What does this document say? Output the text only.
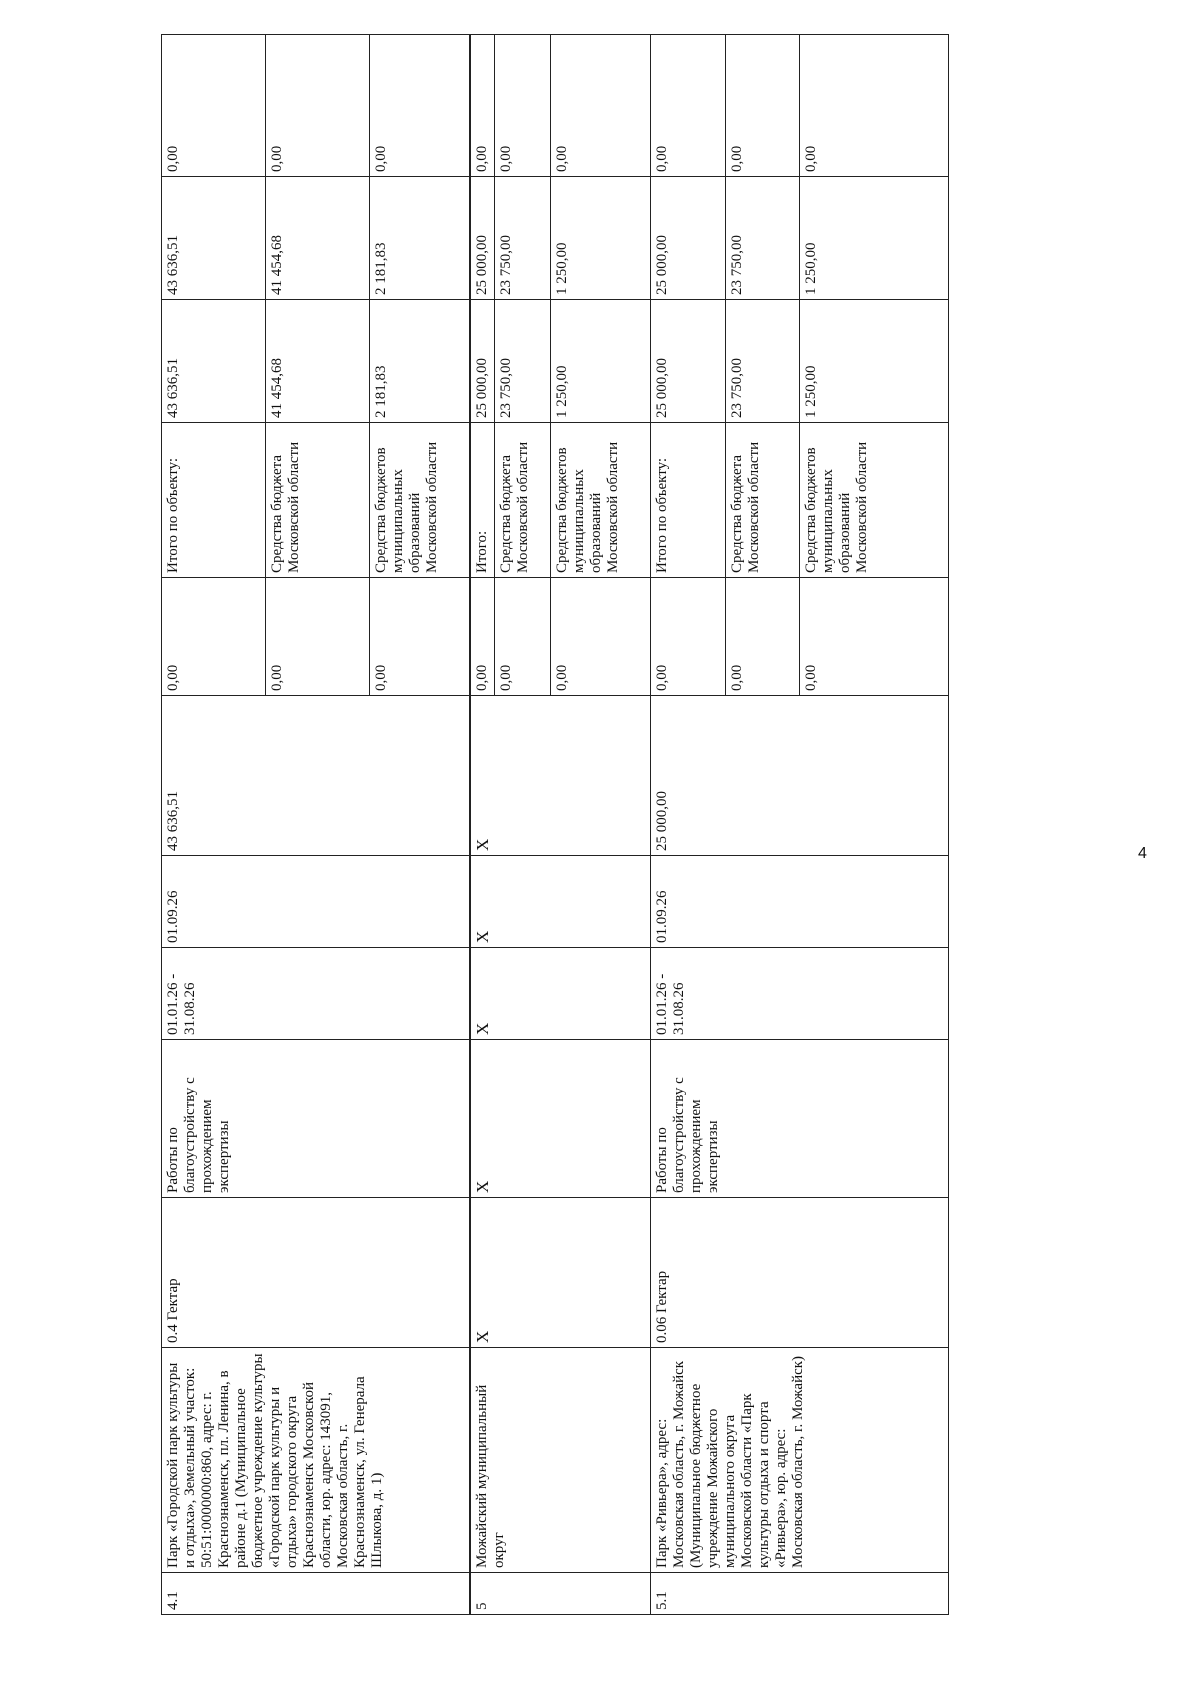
4.1	Парк «Городской парк культуры и отдыха», Земельный участок: 50:51:0000000:860, адрес: г. Краснознаменск, пл. Ленина, в районе д.1 (Муниципальное бюджетное учреждение культуры «Городской парк культуры и отдыха» городского округа Краснознаменск Московской области, юр. адрес: 143091, Московская область, г. Краснознаменск, ул. Генерала Шлыкова, д. 1)	0.4 Гектар	Работы по благоустройству с прохождением экспертизы	01.01.26 - 31.08.26	01.09.26	43 636,51	0,00	Итого по объекту:	43 636,51	43 636,51	0,00
							0,00	Средства бюджета Московской области	41 454,68	41 454,68	0,00
							0,00	Средства бюджетов муниципальных образований Московской области	2 181,83	2 181,83	0,00
5	Можайский муниципальный округ	Х	Х	Х	Х	Х	0,00	Итого:	25 000,00	25 000,00	0,00
							0,00	Средства бюджета Московской области	23 750,00	23 750,00	0,00
							0,00	Средства бюджетов муниципальных образований Московской области	1 250,00	1 250,00	0,00
5.1	Парк «Ривьера», адрес: Московская область, г. Можайск (Муниципальное бюджетное учреждение Можайского муниципального округа Московской области «Парк культуры отдыха и спорта «Ривьера», юр. адрес: Московская область, г. Можайск)	0.06 Гектар	Работы по благоустройству с прохождением экспертизы	01.01.26 - 31.08.26	01.09.26	25 000,00	0,00	Итого по объекту:	25 000,00	25 000,00	0,00
							0,00	Средства бюджета Московской области	23 750,00	23 750,00	0,00
							0,00	Средства бюджетов муниципальных образований Московской области	1 250,00	1 250,00	0,00
4
